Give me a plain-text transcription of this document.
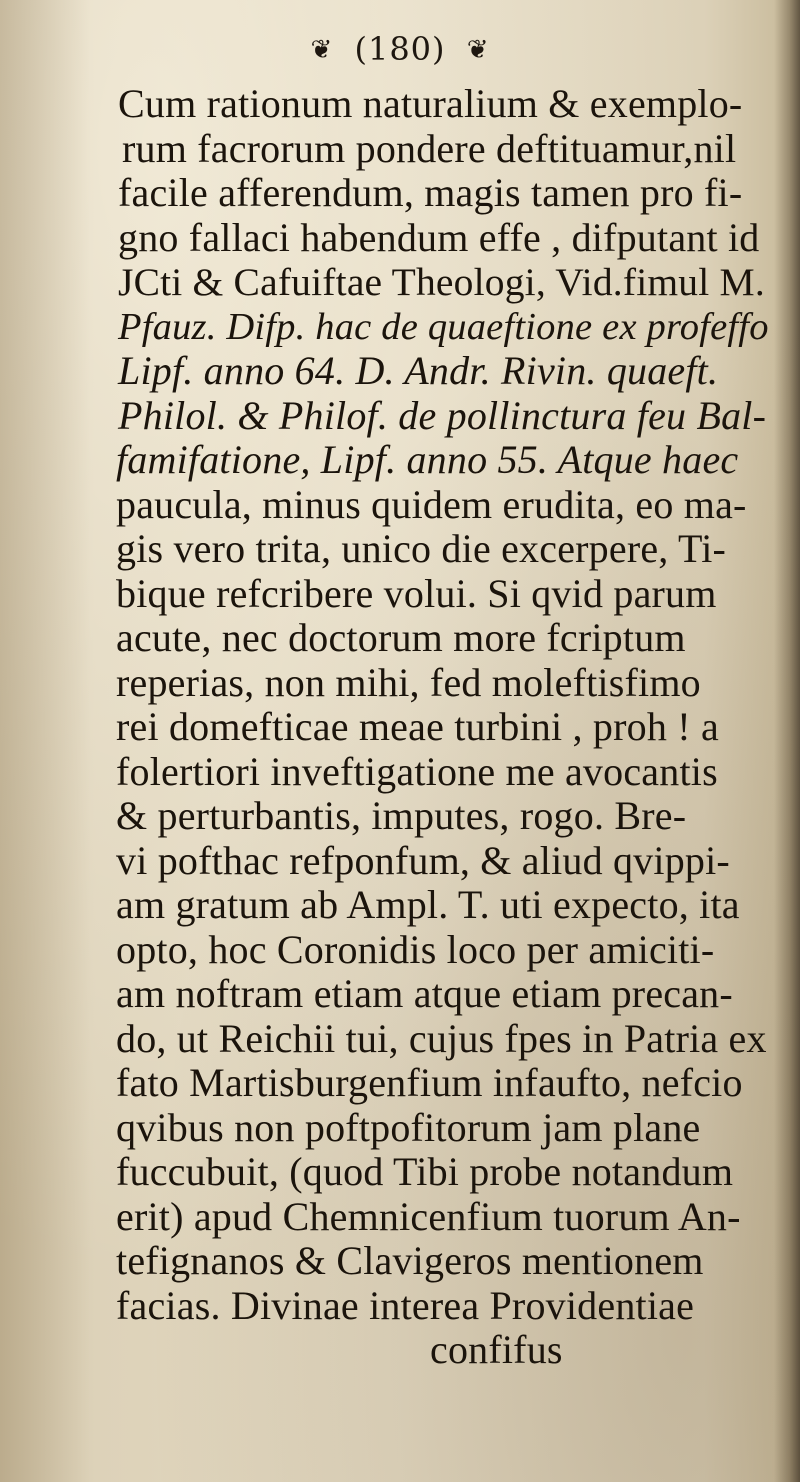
❦ (180) ❦
Cum rationum naturalium & exemplo-
rum facrorum pondere deftituamur,nil
facile afferendum, magis tamen pro fi-
gno fallaci habendum effe , difputant id
JCti & Cafuiftae Theologi, Vid.fimul M.
Pfauz. Difp. hac de quaeftione ex profeffo
Lipf. anno 64. D. Andr. Rivin. quaeft.
Philol. & Philof. de pollinctura feu Bal-
famifatione, Lipf. anno 55. Atque haec
paucula, minus quidem erudita, eo ma-
gis vero trita, unico die excerpere, Ti-
bique refcribere volui. Si qvid parum
acute, nec doctorum more fcriptum
reperias, non mihi, fed moleftisfimo
rei domefticae meae turbini , proh ! a
folertiori inveftigatione me avocantis
& perturbantis, imputes, rogo. Bre-
vi pofthac refponfum, & aliud qvippi-
am gratum ab Ampl. T. uti expecto, ita
opto, hoc Coronidis loco per amiciti-
am noftram etiam atque etiam precan-
do, ut Reichii tui, cujus fpes in Patria ex
fato Martisburgenfium infaufto, nefcio
qvibus non poftpofitorum jam plane
fuccubuit, (quod Tibi probe notandum
erit) apud Chemnicenfium tuorum An-
tefignanos & Clavigeros mentionem
facias. Divinae interea Providentiae
confifus
